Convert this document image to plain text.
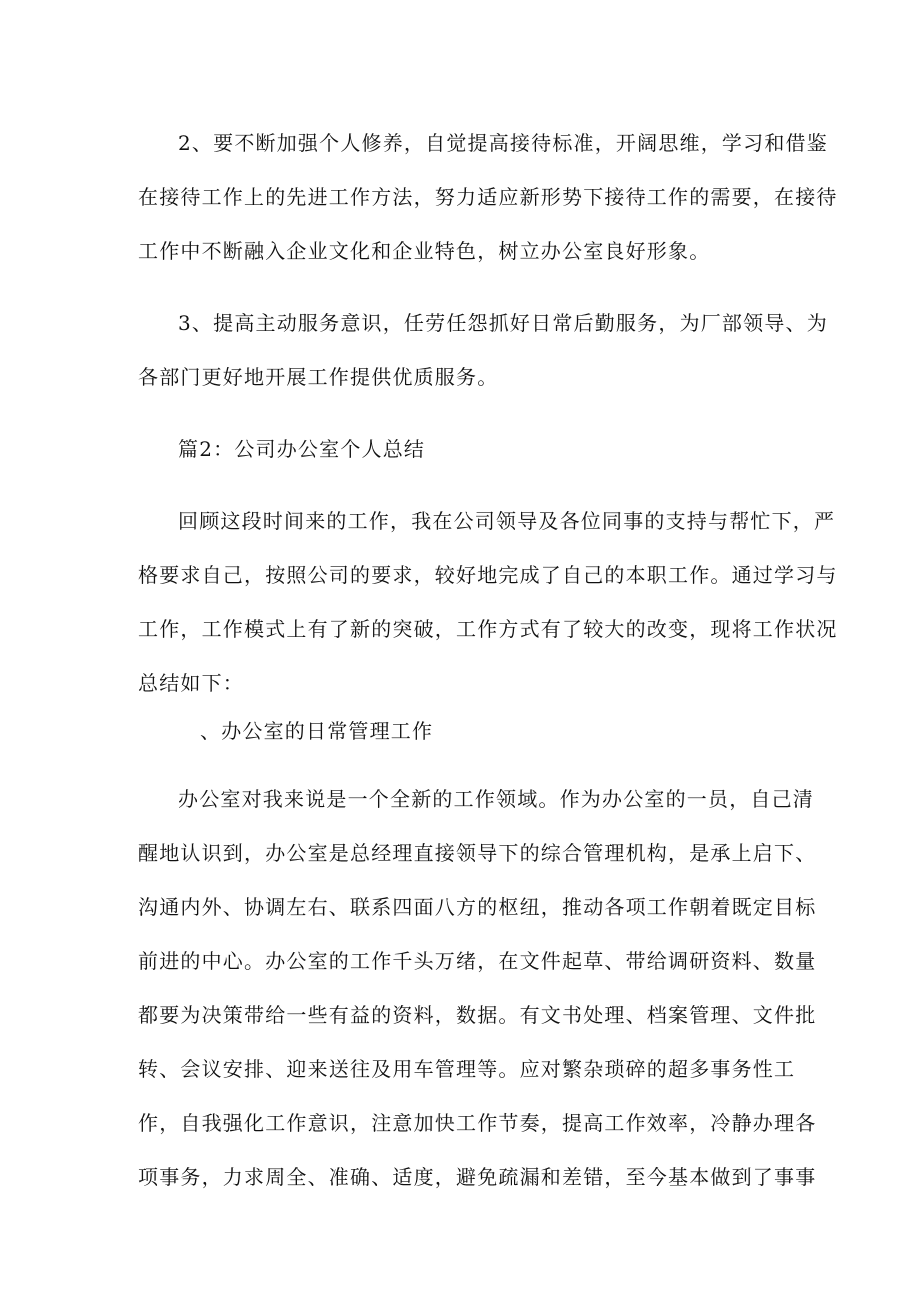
2、要不断加强个人修养，自觉提高接待标准，开阔思维，学习和借鉴
在接待工作上的先进工作方法，努力适应新形势下接待工作的需要，在接待
工作中不断融入企业文化和企业特色，树立办公室良好形象。

3、提高主动服务意识，任劳任怨抓好日常后勤服务，为厂部领导、为
各部门更好地开展工作提供优质服务。

篇2：公司办公室个人总结

回顾这段时间来的工作，我在公司领导及各位同事的支持与帮忙下，严
格要求自己，按照公司的要求，较好地完成了自己的本职工作。通过学习与
工作，工作模式上有了新的突破，工作方式有了较大的改变，现将工作状况
总结如下：

、办公室的日常管理工作

办公室对我来说是一个全新的工作领域。作为办公室的一员，自己清
醒地认识到，办公室是总经理直接领导下的综合管理机构，是承上启下、
沟通内外、协调左右、联系四面八方的枢纽，推动各项工作朝着既定目标
前进的中心。办公室的工作千头万绪，在文件起草、带给调研资料、数量
都要为决策带给一些有益的资料，数据。有文书处理、档案管理、文件批
转、会议安排、迎来送往及用车管理等。应对繁杂琐碎的超多事务性工
作，自我强化工作意识，注意加快工作节奏，提高工作效率，冷静办理各
项事务，力求周全、准确、适度，避免疏漏和差错，至今基本做到了事事
